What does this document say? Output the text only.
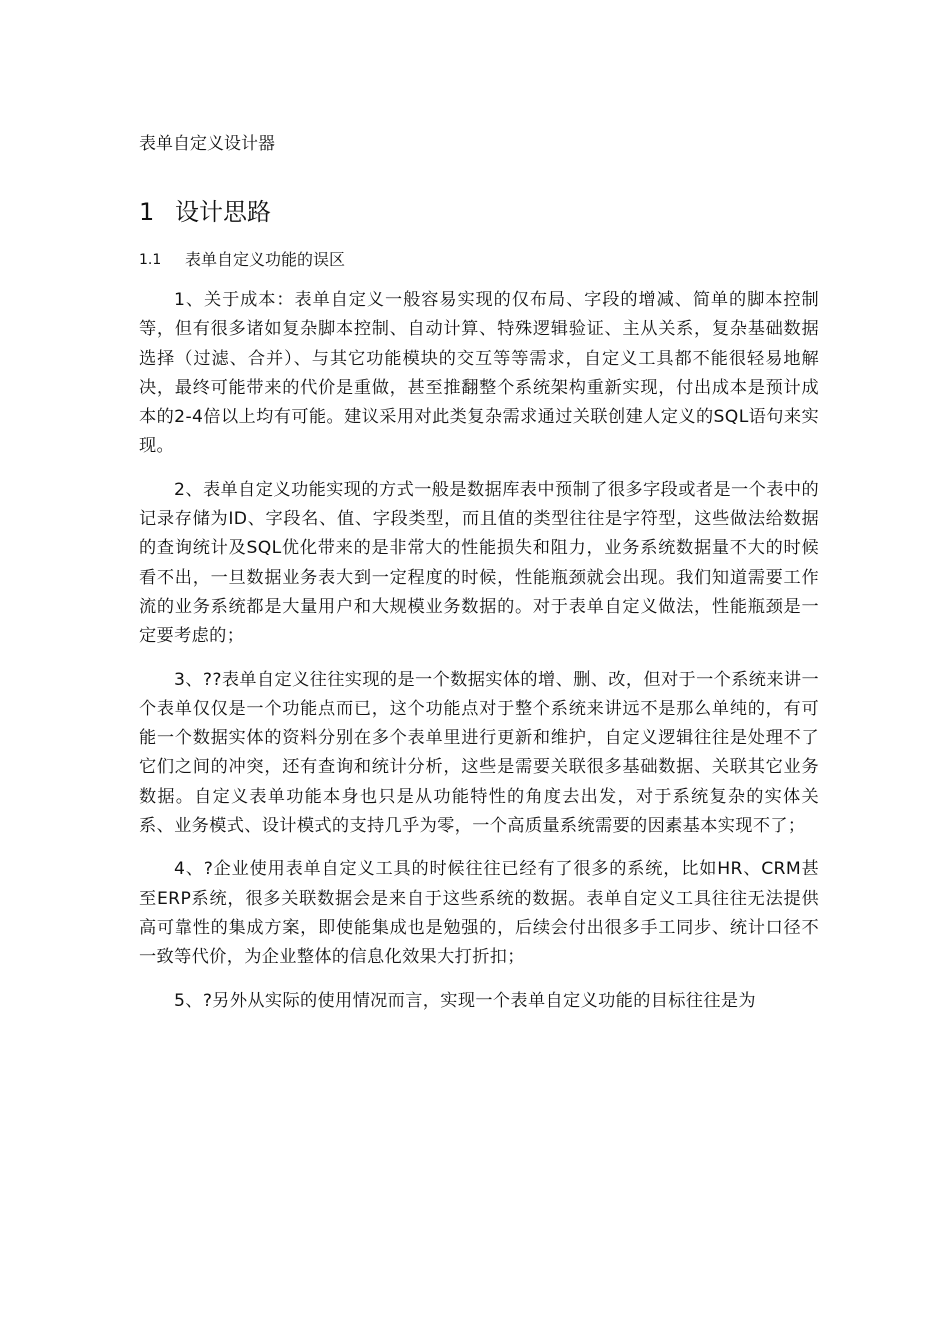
表单自定义设计器

1 设计思路
1.1	表单自定义功能的误区

1、关于成本：表单自定义一般容易实现的仅布局、字段的增减、简单的脚本控制等，但有很多诸如复杂脚本控制、自动计算、特殊逻辑验证、主从关系，复杂基础数据选择（过滤、合并）、与其它功能模块的交互等等需求，自定义工具都不能很轻易地解决，最终可能带来的代价是重做，甚至推翻整个系统架构重新实现，付出成本是预计成本的2-4倍以上均有可能。建议采用对此类复杂需求通过关联创建人定义的SQL语句来实现。

2、表单自定义功能实现的方式一般是数据库表中预制了很多字段或者是一个表中的记录存储为ID、字段名、值、字段类型，而且值的类型往往是字符型，这些做法给数据的查询统计及SQL优化带来的是非常大的性能损失和阻力，业务系统数据量不大的时候看不出，一旦数据业务表大到一定程度的时候，性能瓶颈就会出现。我们知道需要工作流的业务系统都是大量用户和大规模业务数据的。对于表单自定义做法，性能瓶颈是一定要考虑的；

3、??表单自定义往往实现的是一个数据实体的增、删、改，但对于一个系统来讲一个表单仅仅是一个功能点而已，这个功能点对于整个系统来讲远不是那么单纯的，有可能一个数据实体的资料分别在多个表单里进行更新和维护，自定义逻辑往往是处理不了它们之间的冲突，还有查询和统计分析，这些是需要关联很多基础数据、关联其它业务数据。自定义表单功能本身也只是从功能特性的角度去出发，对于系统复杂的实体关系、业务模式、设计模式的支持几乎为零，一个高质量系统需要的因素基本实现不了；

4、?企业使用表单自定义工具的时候往往已经有了很多的系统，比如HR、CRM甚至ERP系统，很多关联数据会是来自于这些系统的数据。表单自定义工具往往无法提供高可靠性的集成方案，即使能集成也是勉强的，后续会付出很多手工同步、统计口径不一致等代价，为企业整体的信息化效果大打折扣；

5、?另外从实际的使用情况而言，实现一个表单自定义功能的目标往往是为
